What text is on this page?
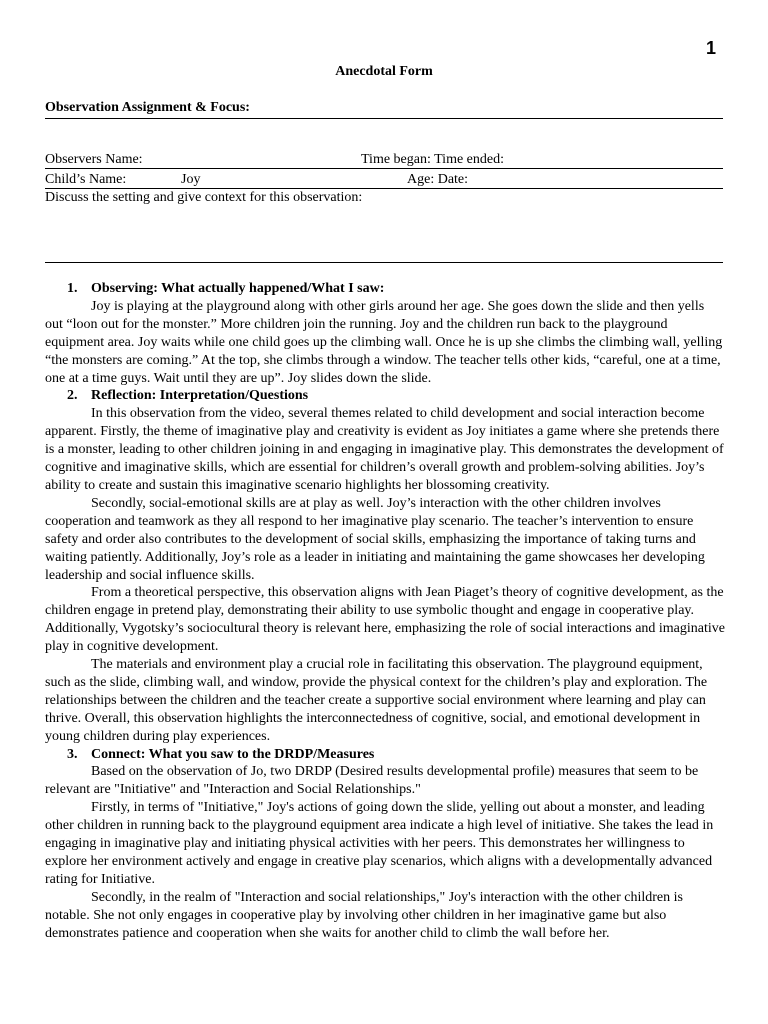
1
Anecdotal Form
Observation Assignment & Focus:
Observers Name:	Time began: Time ended:
Child’s Name:	Joy	Age: Date:
Discuss the setting and give context for this observation:
1. Observing: What actually happened/What I saw:

Joy is playing at the playground along with other girls around her age. She goes down the slide and then yells out “loon out for the monster.” More children join the running. Joy and the children run back to the playground equipment area. Joy waits while one child goes up the climbing wall. Once he is up she climbs the climbing wall, yelling “the monsters are coming.” At the top, she climbs through a window. The teacher tells other kids, “careful, one at a time, one at a time guys. Wait until they are up”. Joy slides down the slide.

2. Reflection: Interpretation/Questions

In this observation from the video, several themes related to child development and social interaction become apparent. Firstly, the theme of imaginative play and creativity is evident as Joy initiates a game where she pretends there is a monster, leading to other children joining in and engaging in imaginative play. This demonstrates the development of cognitive and imaginative skills, which are essential for children’s overall growth and problem-solving abilities. Joy’s ability to create and sustain this imaginative scenario highlights her blossoming creativity.

Secondly, social-emotional skills are at play as well. Joy’s interaction with the other children involves cooperation and teamwork as they all respond to her imaginative play scenario. The teacher’s intervention to ensure safety and order also contributes to the development of social skills, emphasizing the importance of taking turns and waiting patiently. Additionally, Joy’s role as a leader in initiating and maintaining the game showcases her developing leadership and social influence skills.

From a theoretical perspective, this observation aligns with Jean Piaget’s theory of cognitive development, as the children engage in pretend play, demonstrating their ability to use symbolic thought and engage in cooperative play. Additionally, Vygotsky’s sociocultural theory is relevant here, emphasizing the role of social interactions and imaginative play in cognitive development.

The materials and environment play a crucial role in facilitating this observation. The playground equipment, such as the slide, climbing wall, and window, provide the physical context for the children’s play and exploration. The relationships between the children and the teacher create a supportive social environment where learning and play can thrive. Overall, this observation highlights the interconnectedness of cognitive, social, and emotional development in young children during play experiences.

3. Connect: What you saw to the DRDP/Measures

Based on the observation of Jo, two DRDP (Desired results developmental profile) measures that seem to be relevant are "Initiative" and "Interaction and Social Relationships."

Firstly, in terms of "Initiative," Joy's actions of going down the slide, yelling out about a monster, and leading other children in running back to the playground equipment area indicate a high level of initiative. She takes the lead in engaging in imaginative play and initiating physical activities with her peers. This demonstrates her willingness to explore her environment actively and engage in creative play scenarios, which aligns with a developmentally advanced rating for Initiative.

Secondly, in the realm of "Interaction and social relationships," Joy's interaction with the other children is notable. She not only engages in cooperative play by involving other children in her imaginative game but also demonstrates patience and cooperation when she waits for another child to climb the wall before her.
